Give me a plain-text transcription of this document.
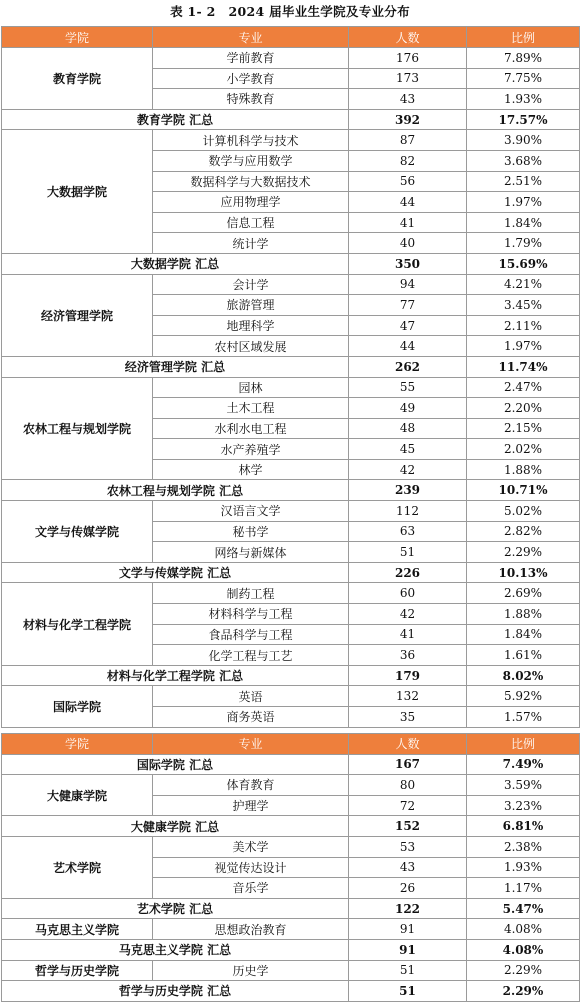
表 1- 2　2024 届毕业生学院及专业分布
学院	专业	人数	比例
教育学院	学前教育	176	7.89%
	小学教育	173	7.75%
	特殊教育	43	1.93%
教育学院 汇总		392	17.57%
大数据学院	计算机科学与技术	87	3.90%
	数学与应用数学	82	3.68%
	数据科学与大数据技术	56	2.51%
	应用物理学	44	1.97%
	信息工程	41	1.84%
	统计学	40	1.79%
大数据学院 汇总		350	15.69%
经济管理学院	会计学	94	4.21%
	旅游管理	77	3.45%
	地理科学	47	2.11%
	农村区域发展	44	1.97%
经济管理学院 汇总		262	11.74%
农林工程与规划学院	园林	55	2.47%
	土木工程	49	2.20%
	水利水电工程	48	2.15%
	水产养殖学	45	2.02%
	林学	42	1.88%
农林工程与规划学院 汇总		239	10.71%
文学与传媒学院	汉语言文学	112	5.02%
	秘书学	63	2.82%
	网络与新媒体	51	2.29%
文学与传媒学院 汇总		226	10.13%
材料与化学工程学院	制药工程	60	2.69%
	材料科学与工程	42	1.88%
	食品科学与工程	41	1.84%
	化学工程与工艺	36	1.61%
材料与化学工程学院 汇总		179	8.02%
国际学院	英语	132	5.92%
	商务英语	35	1.57%
学院	专业	人数	比例
国际学院 汇总		167	7.49%
大健康学院	体育教育	80	3.59%
	护理学	72	3.23%
大健康学院 汇总		152	6.81%
艺术学院	美术学	53	2.38%
	视觉传达设计	43	1.93%
	音乐学	26	1.17%
艺术学院 汇总		122	5.47%
马克思主义学院	思想政治教育	91	4.08%
马克思主义学院 汇总		91	4.08%
哲学与历史学院	历史学	51	2.29%
哲学与历史学院 汇总		51	2.29%
